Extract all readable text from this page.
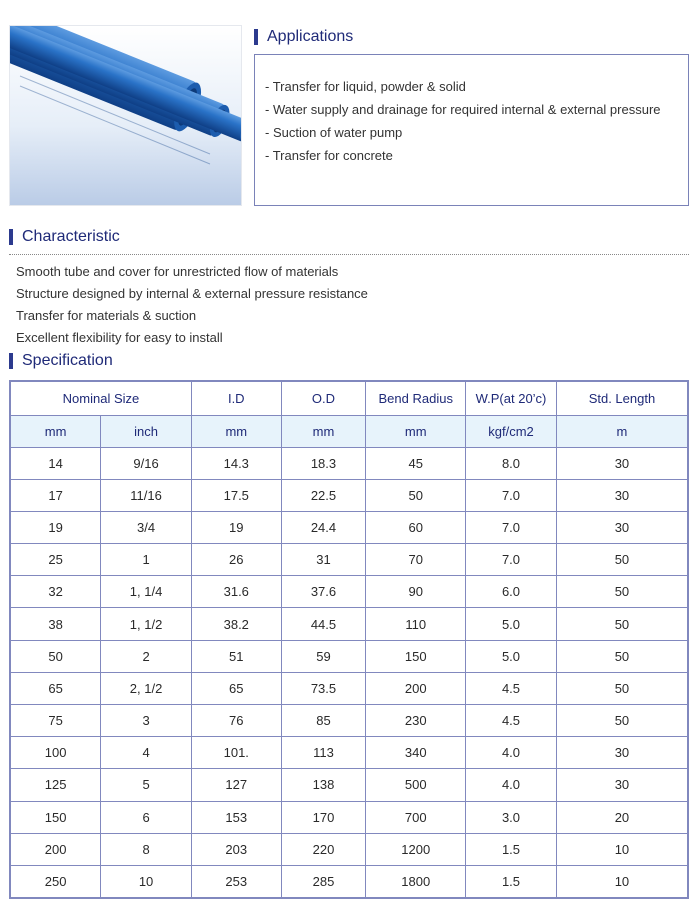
Applications
- Transfer for liquid, powder & solid
- Water supply and drainage for required internal & external pressure
- Suction of water pump
- Transfer for concrete
Characteristic
Smooth tube and cover for unrestricted flow of materials
Structure designed by internal & external pressure resistance
Transfer for materials & suction
Excellent flexibility for easy to install
Specification
Nominal Size		I.D	O.D	Bend Radius	W.P(at 20’c)	Std. Length
mm	inch	mm	mm	mm	kgf/cm2	m
14	9/16	14.3	18.3	45	8.0	30
17	11/16	17.5	22.5	50	7.0	30
19	3/4	19	24.4	60	7.0	30
25	1	26	31	70	7.0	50
32	1, 1/4	31.6	37.6	90	6.0	50
38	1, 1/2	38.2	44.5	110	5.0	50
50	2	51	59	150	5.0	50
65	2, 1/2	65	73.5	200	4.5	50
75	3	76	85	230	4.5	50
100	4	101.	113	340	4.0	30
125	5	127	138	500	4.0	30
150	6	153	170	700	3.0	20
200	8	203	220	1200	1.5	10
250	10	253	285	1800	1.5	10
